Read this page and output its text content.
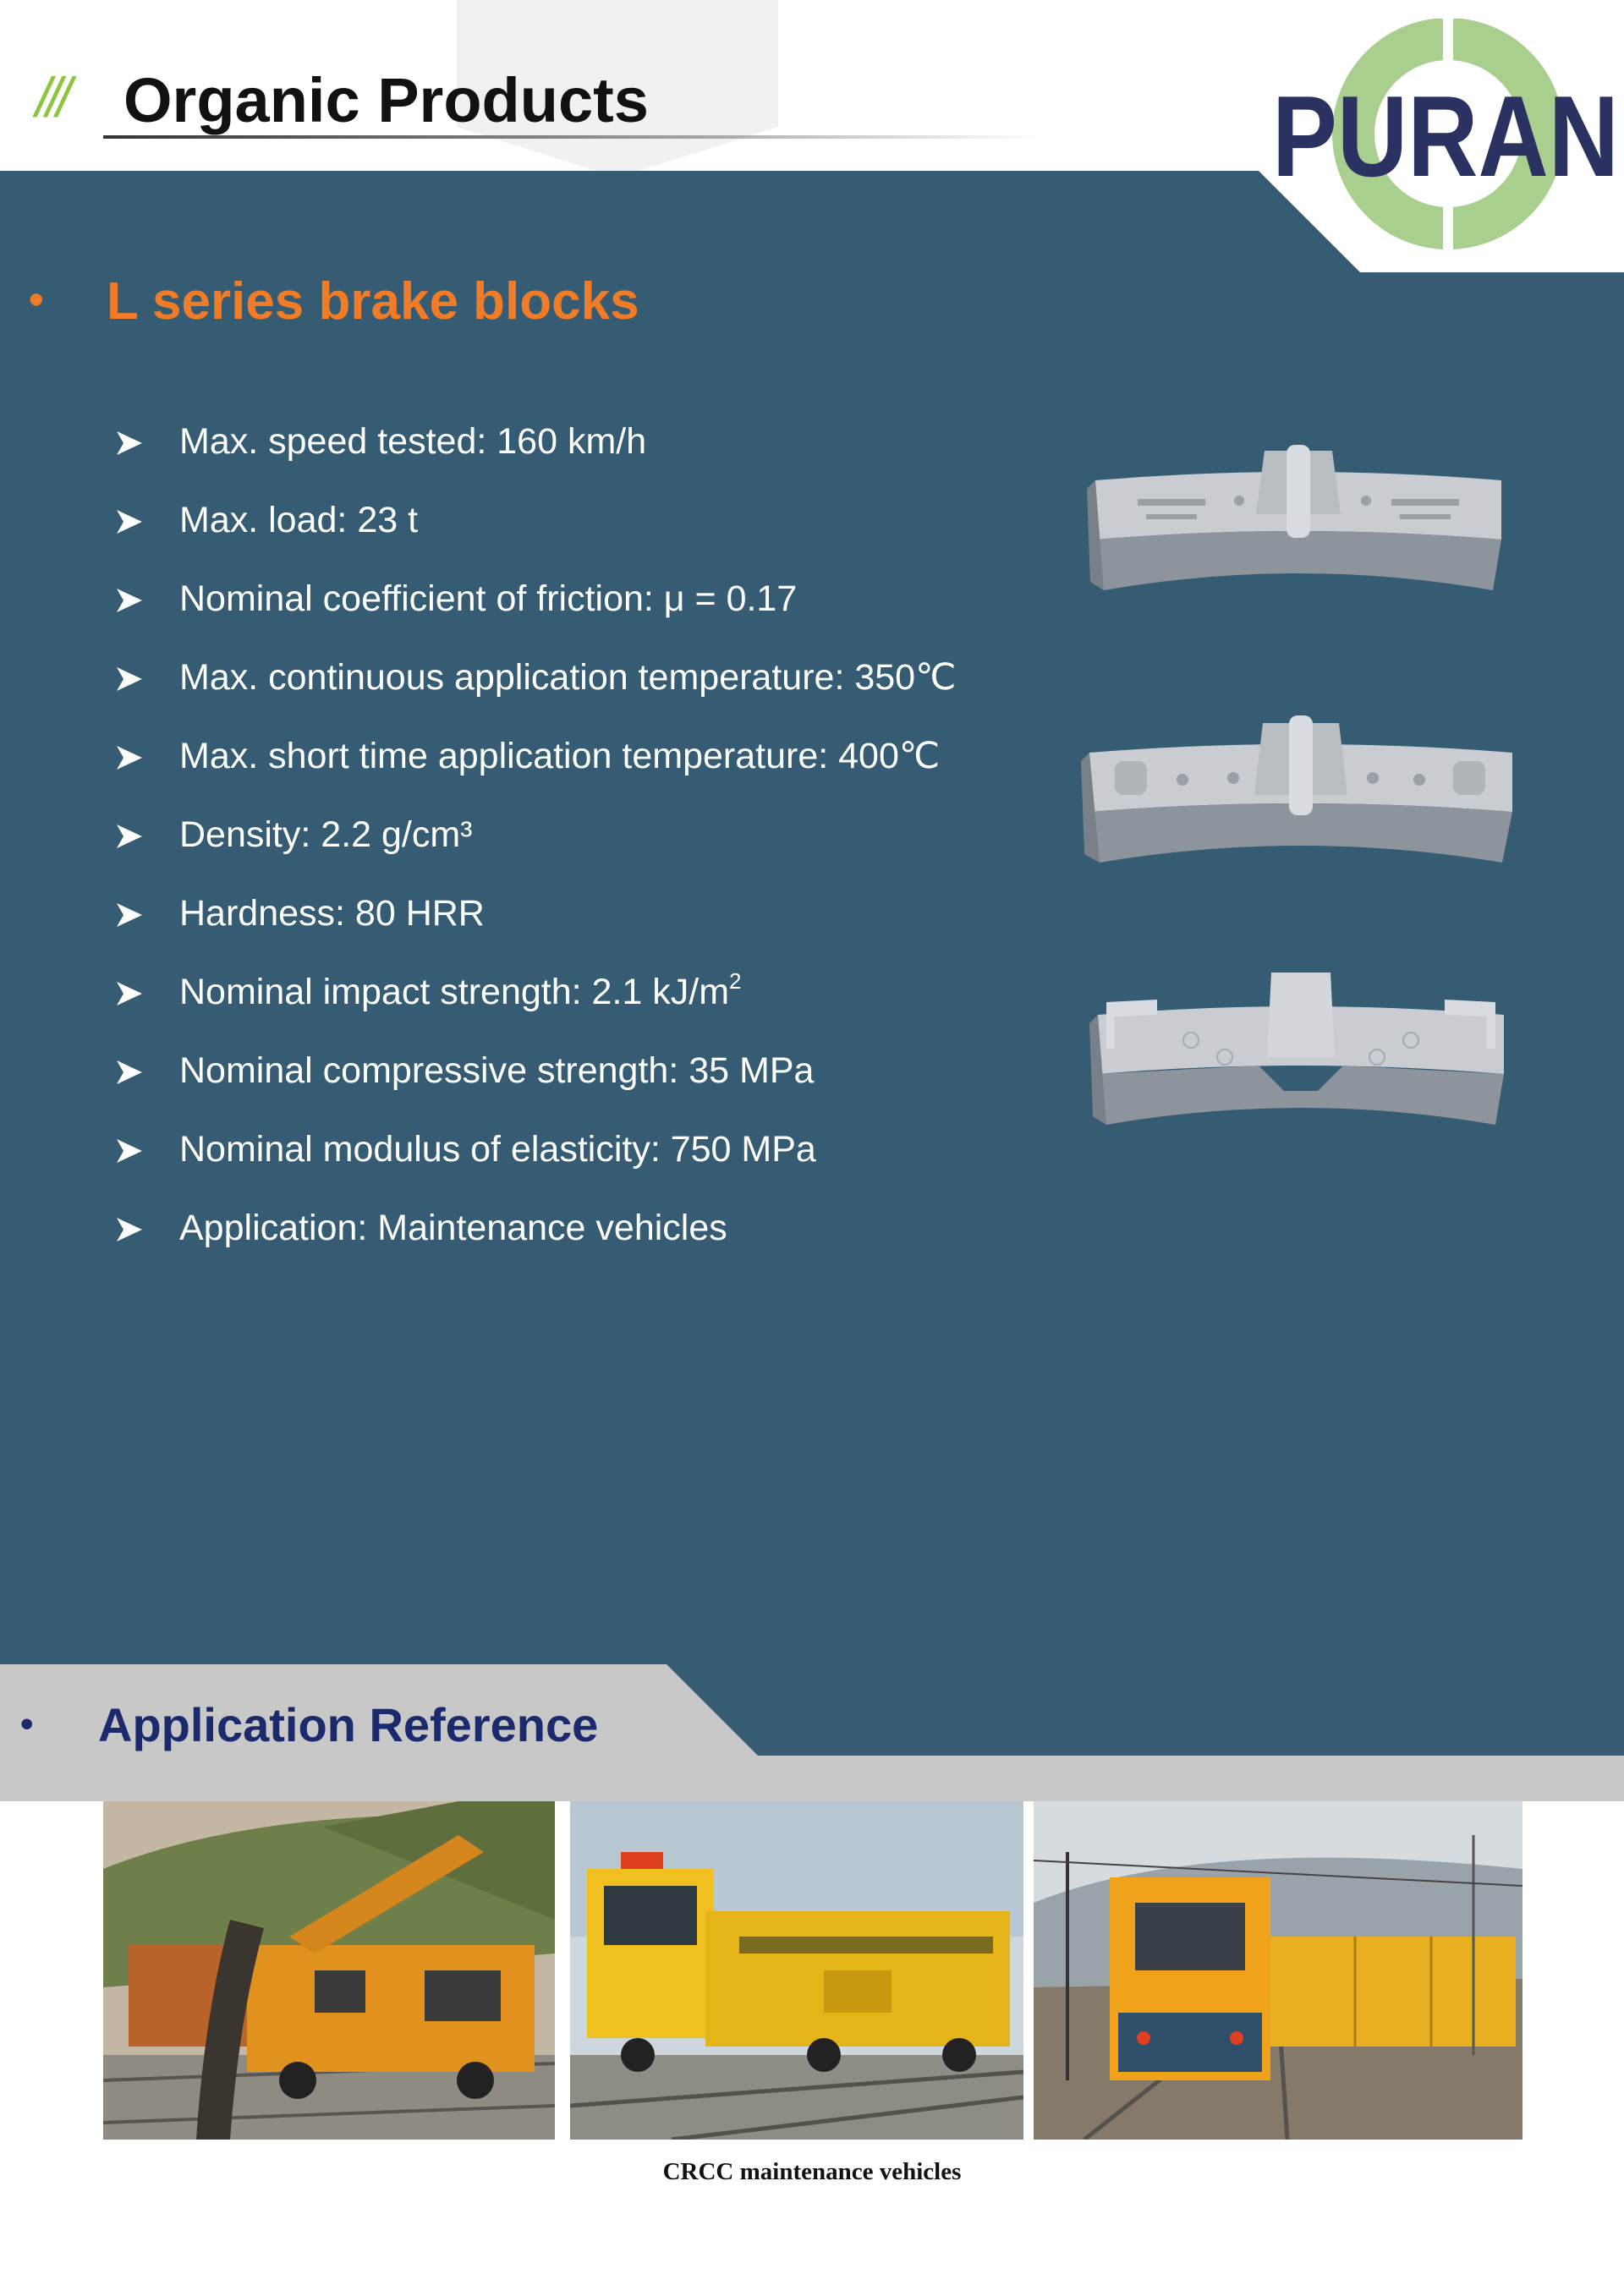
/// Organic Products	PURAN
• L series brake blocks
Max. speed tested: 160 km/h
Max. load: 23 t
Nominal coefficient of friction: μ = 0.17
Max. continuous application temperature: 350℃
Max. short time application temperature: 400℃
Density: 2.2 g/cm³
Hardness: 80 HRR
Nominal impact strength: 2.1 $kJ/m^2$
Nominal compressive strength: 35 MPa
Nominal modulus of elasticity: 750 MPa
Application: Maintenance vehicles
• Application Reference
CRCC maintenance vehicles
